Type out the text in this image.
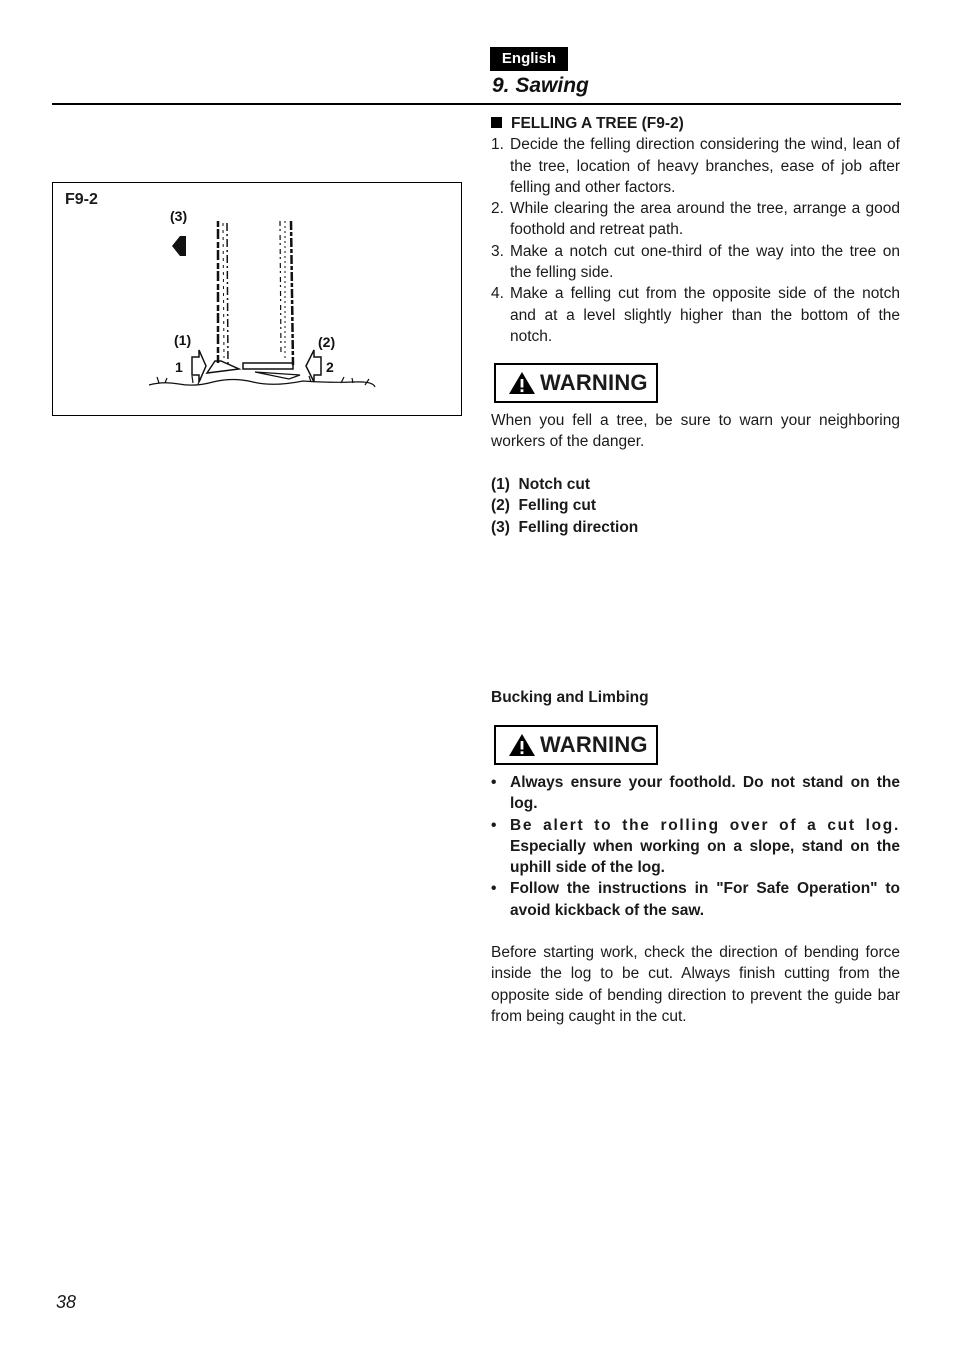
English
9. Sawing
F9-2
(3)
(1)
1
(2)
2
FELLING A TREE (F9-2)
1. Decide the felling direction considering the wind, lean of the tree, location of heavy branches, ease of job after felling and other factors.
2. While clearing the area around the tree, arrange a good foothold and retreat path.
3. Make a notch cut one-third of the way into the tree on the felling side.
4. Make a felling cut from the opposite side of the notch and at a level slightly higher than the bottom of the notch.
WARNING
When you fell a tree, be sure to warn your neighboring workers of the danger.
(1)  Notch cut
(2)  Felling cut
(3)  Felling direction
Bucking and Limbing
WARNING
• Always ensure your foothold. Do not stand on the log.
• Be alert to the rolling over of a cut log. Especially when working on a slope, stand on the uphill side of the log.
• Follow the instructions in "For Safe Operation" to avoid kickback of the saw.
Before starting work, check the direction of bending force inside the log to be cut. Always finish cutting from the opposite side of bending direction to prevent the guide bar from being caught in the cut.
38
